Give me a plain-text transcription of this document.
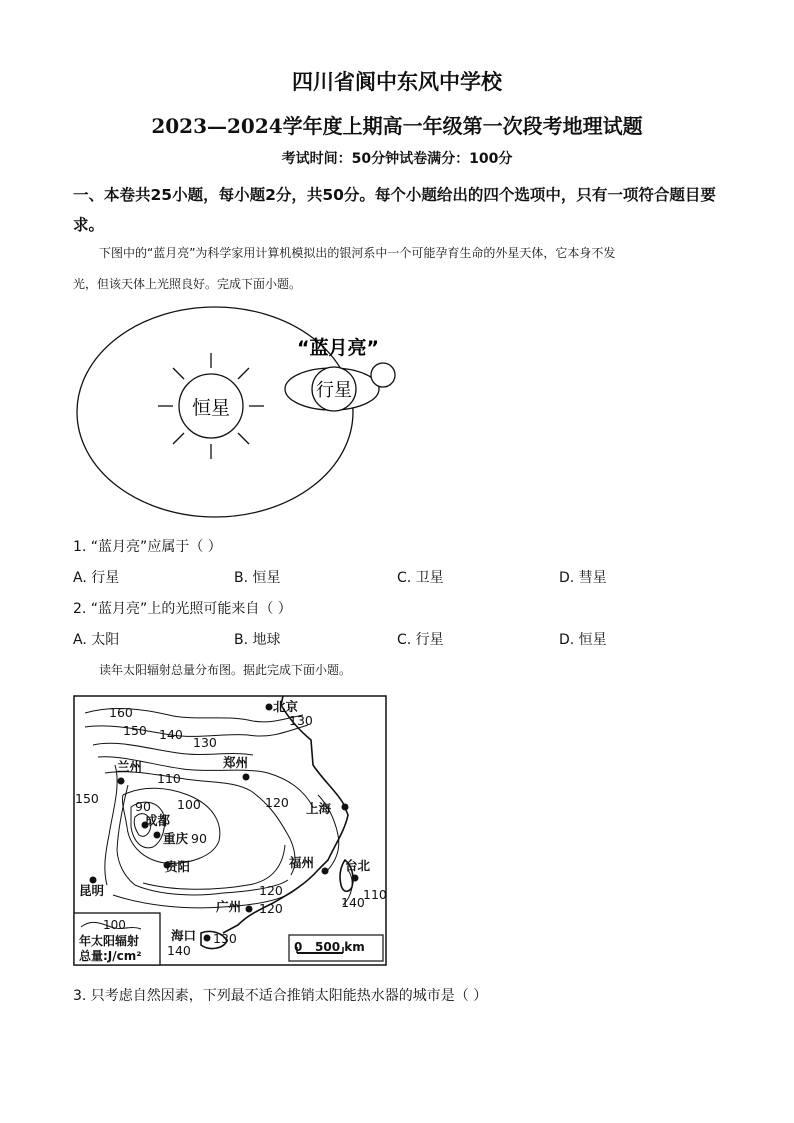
四川省阆中东风中学校
2023—2024学年度上期高一年级第一次段考地理试题
考试时间：50分钟试卷满分：100分
一、本卷共25小题，每小题2分，共50分。每个小题给出的四个选项中，只有一项符合题目要求。
下图中的“蓝月亮”为科学家用计算机模拟出的银河系中一个可能孕育生命的外星天体，它本身不发
光，但该天体上光照良好。完成下面小题。
恒星
行星
“蓝月亮”
1. “蓝月亮”应属于（ ）
A. 行星	B. 恒星	C. 卫星	D. 彗星
2. “蓝月亮”上的光照可能来自（ ）
A. 太阳	B. 地球	C. 行星	D. 恒星
读年太阳辐射总量分布图。据此完成下面小题。
北京
兰州	郑州
上海
成都
重庆
贵阳	福州 台北
昆明
广州
海口
160
150 140
130
130
110
90 100	120
150
90
120	110
140
120
130
140
100
年太阳辐射
总量:J/cm²
0 500 km
3. 只考虑自然因素，下列最不适合推销太阳能热水器的城市是（ ）
